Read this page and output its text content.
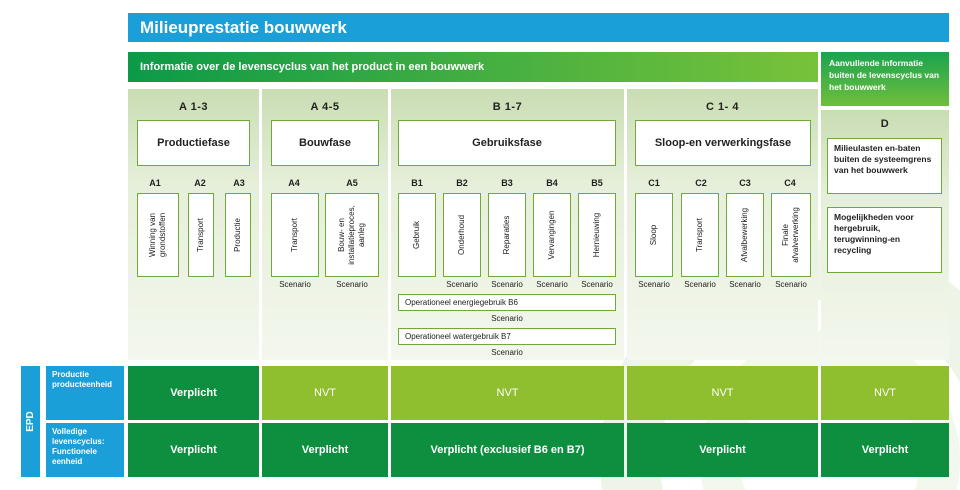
Milieuprestatie bouwwerk
Informatie over de levenscyclus van het product in een bouwwerk	Aanvullende informatie buiten de levenscyclus van het bouwwerk
A 1-3	A 4-5	B 1-7	C 1- 4
D
Productiefase	Bouwfase	Gebruiksfase	Sloop-en verwerkingsfase
A1	A2	A3
Winning van
grondstoffen	Transport	Productie
A4	A5
Transport	Bouw- en
installatieproces,
aanleg
Scenario	Scenario
B1	B2	B3	B4	B5
Gebruik	Onderhoud	Reparaties	Vervangingen	Hernieuwing
Scenario	Scenario	Scenario	Scenario
Operationeel energiegebruik B6
Scenario
Operationeel watergebruik B7
Scenario
C1	C2	C3	C4
Sloop	Transport	Afvalbewerking	Finale
afvalverwerking
Scenario	Scenario	Scenario	Scenario
Milieulasten en-baten buiten de systeemgrens van het bouwwerk
Mogelijkheden voor hergebruik, terugwinning-en recycling
EPD
Productie producteenheid
Volledige levenscyclus: Functionele eenheid
Verplicht	NVT	NVT	NVT	NVT
Verplicht	Verplicht	Verplicht (exclusief B6 en B7)	Verplicht	Verplicht
